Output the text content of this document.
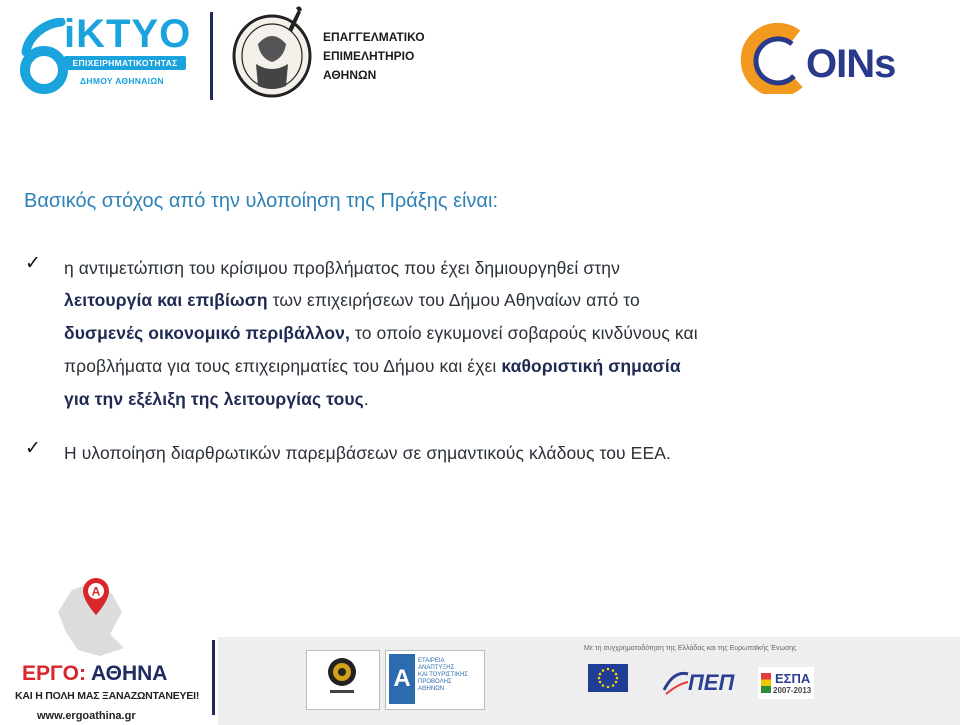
iKTYO
ΕΠΙΧΕΙΡΗΜΑΤΙΚΟΤΗΤΑΣ
ΔΗΜΟΥ ΑΘΗΝΑΙΩΝ
ΕΠΑΓΓΕΛΜΑΤΙΚΟ
ΕΠΙΜΕΛΗΤΗΡΙΟ
ΑΘΗΝΩΝ	OINs
Βασικός στόχος από την υλοποίηση της Πράξης είναι:
✓ η αντιμετώπιση του κρίσιμου προβλήματος που έχει δημιουργηθεί στην
λειτουργία και επιβίωση των επιχειρήσεων του Δήμου Αθηναίων από το
δυσμενές οικονομικό περιβάλλον, το οποίο εγκυμονεί σοβαρούς κινδύνους και
προβλήματα για τους επιχειρηματίες του Δήμου και έχει καθοριστική σημασία
για την εξέλιξη της λειτουργίας τους.
✓ Η υλοποίηση διαρθρωτικών παρεμβάσεων σε σημαντικούς κλάδους του ΕΕΑ.
A
ΕΡΓΟ: ΑΘΗΝΑ
ΚΑΙ Η ΠΟΛΗ ΜΑΣ ΞΑΝΑΖΩΝΤΑΝΕΥΕΙ!
www.ergoathina.gr
Α
ΕΤΑΙΡΕΙΑ
ΑΝΑΠΤΥΞΗΣ
ΚΑΙ ΤΟΥΡΙΣΤΙΚΗΣ
ΠΡΟΒΟΛΗΣ
ΑΘΗΝΩΝ
Με τη συγχρηματοδότηση της Ελλάδας και της Ευρωπαϊκής Ένωσης
ΠΕΠ	ΕΣΠΑ
2007-2013
